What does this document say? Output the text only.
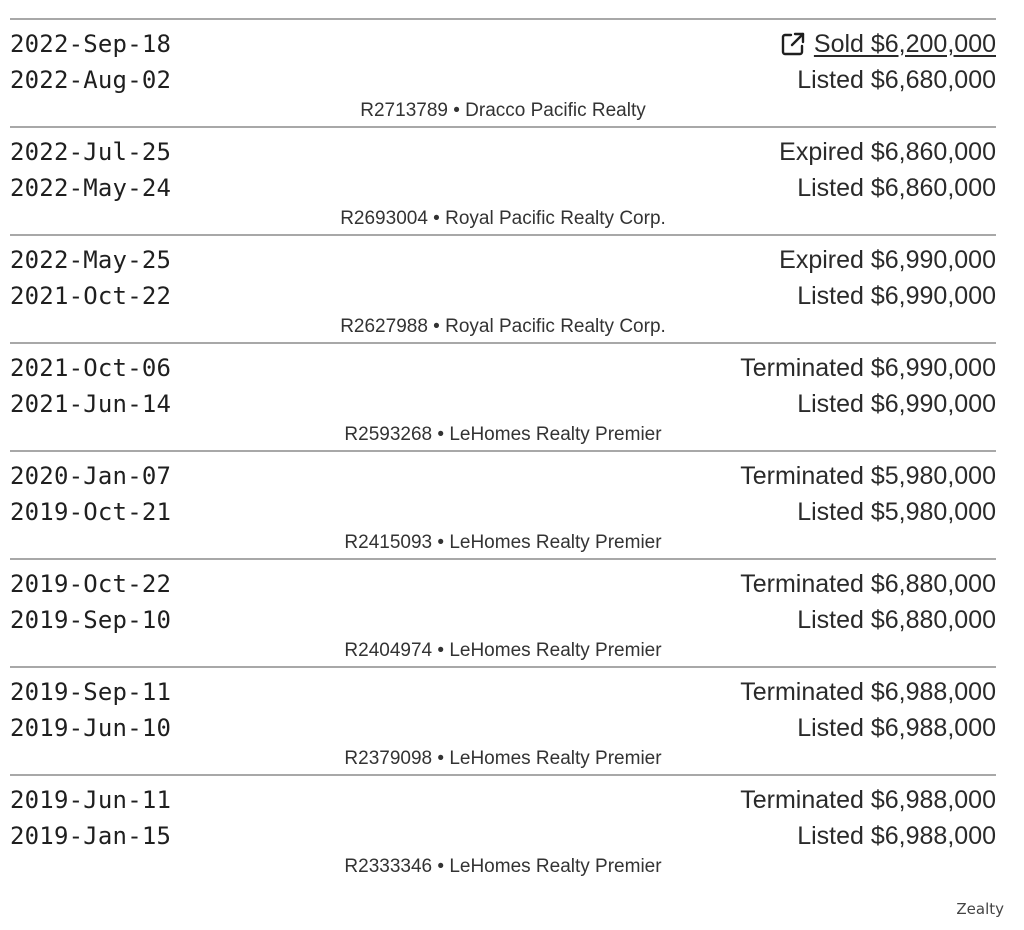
2022-Sep-18	Sold $6,200,000
2022-Aug-02	Listed $6,680,000
R2713789 • Dracco Pacific Realty
2022-Jul-25	Expired $6,860,000
2022-May-24	Listed $6,860,000
R2693004 • Royal Pacific Realty Corp.
2022-May-25	Expired $6,990,000
2021-Oct-22	Listed $6,990,000
R2627988 • Royal Pacific Realty Corp.
2021-Oct-06	Terminated $6,990,000
2021-Jun-14	Listed $6,990,000
R2593268 • LeHomes Realty Premier
2020-Jan-07	Terminated $5,980,000
2019-Oct-21	Listed $5,980,000
R2415093 • LeHomes Realty Premier
2019-Oct-22	Terminated $6,880,000
2019-Sep-10	Listed $6,880,000
R2404974 • LeHomes Realty Premier
2019-Sep-11	Terminated $6,988,000
2019-Jun-10	Listed $6,988,000
R2379098 • LeHomes Realty Premier
2019-Jun-11	Terminated $6,988,000
2019-Jan-15	Listed $6,988,000
R2333346 • LeHomes Realty Premier
Zealty
